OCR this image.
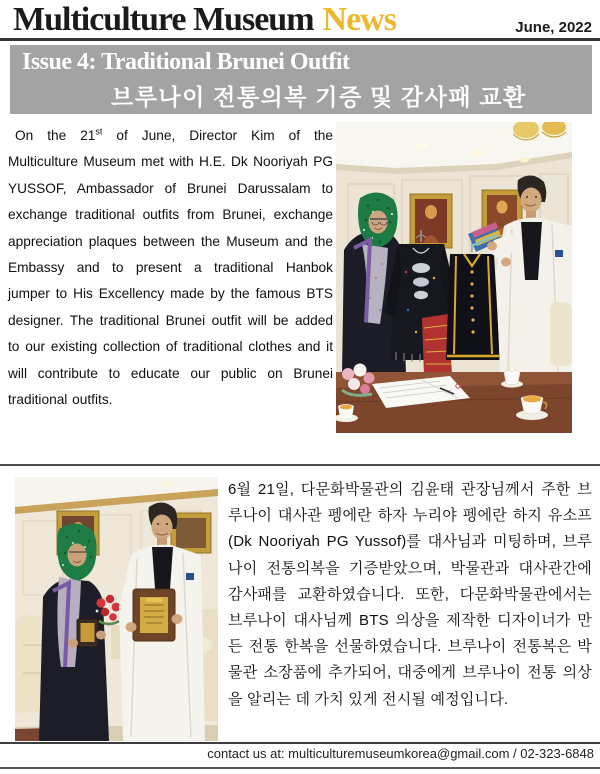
Multiculture Museum News	June, 2022
Issue 4: Traditional Brunei Outfit
브루나이 전통의복 기증 및 감사패 교환

On the 21st of June, Director Kim of the Multiculture Museum met with H.E. Dk Nooriyah PG YUSSOF, Ambassador of Brunei Darussalam to exchange traditional outfits from Brunei, exchange appreciation plaques between the Museum and the Embassy and to present a traditional Hanbok jumper to His Excellency made by the famous BTS designer. The traditional Brunei outfit will be added to our existing collection of traditional clothes and it will contribute to educate our public on Brunei traditional outfits.

6월 21일, 다문화박물관의 김윤태 관장님께서 주한 브루나이 대사관 펭에란 하자 누리야 펭에란 하지 유소프(Dk Nooriyah PG Yussof)를 대사님과 미팅하며, 브루나이 전통의복을 기증받았으며, 박물관과 대사관간에 감사패를 교환하였습니다. 또한, 다문화박물관에서는 브루나이 대사님께 BTS 의상을 제작한 디자이너가 만든 전통 한복을 선물하였습니다. 브루나이 전통복은 박물관 소장품에 추가되어, 대중에게 브루나이 전통 의상을 알리는 데 가치 있게 전시될 예정입니다.

contact us at: multiculturemuseumkorea@gmail.com / 02-323-6848
